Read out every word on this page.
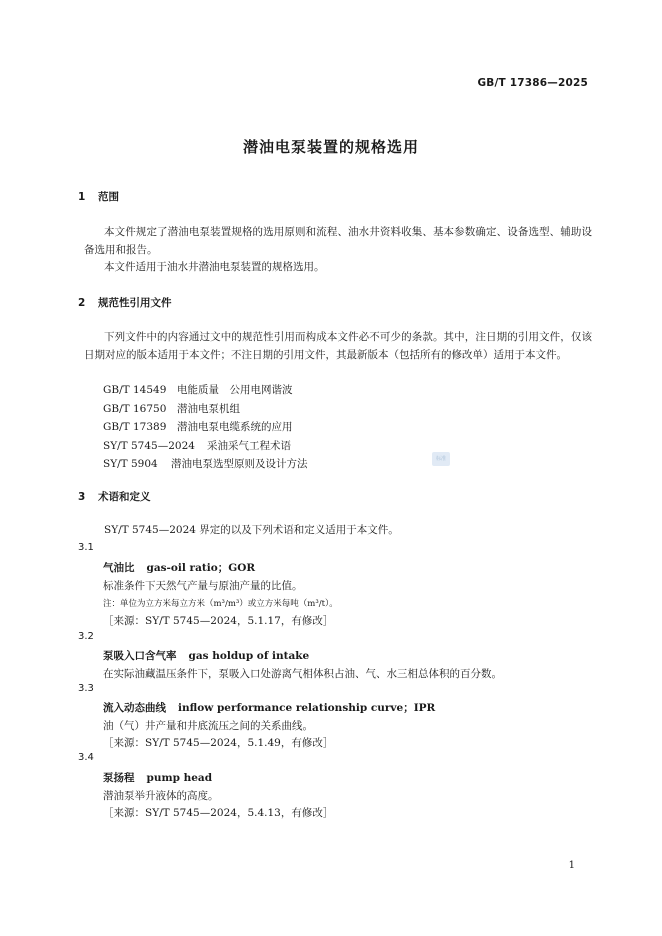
GB/T 17386—2025
潜油电泵装置的规格选用
1 范围
本文件规定了潜油电泵装置规格的选用原则和流程、油水井资料收集、基本参数确定、设备选型、辅助设备选用和报告。
本文件适用于油水井潜油电泵装置的规格选用。
2 规范性引用文件
下列文件中的内容通过文中的规范性引用而构成本文件必不可少的条款。其中，注日期的引用文件，仅该日期对应的版本适用于本文件；不注日期的引用文件，其最新版本（包括所有的修改单）适用于本文件。
GB/T 14549 电能质量　公用电网谐波
GB/T 16750 潜油电泵机组
GB/T 17389 潜油电泵电缆系统的应用
SY/T 5745—2024 采油采气工程术语
SY/T 5904 潜油电泵选型原则及设计方法	标准
3 术语和定义
SY/T 5745—2024 界定的以及下列术语和定义适用于本文件。
3.1
气油比 gas-oil ratio；GOR
标准条件下天然气产量与原油产量的比值。
注：单位为立方米每立方米（m³/m³）或立方米每吨（m³/t）。
［来源：SY/T 5745—2024，5.1.17，有修改］
3.2
泵吸入口含气率 gas holdup of intake
在实际油藏温压条件下，泵吸入口处游离气相体积占油、气、水三相总体积的百分数。
3.3
流入动态曲线 inflow performance relationship curve；IPR
油（气）井产量和井底流压之间的关系曲线。
［来源：SY/T 5745—2024，5.1.49，有修改］
3.4
泵扬程 pump head
潜油泵举升液体的高度。
［来源：SY/T 5745—2024，5.4.13，有修改］
1
